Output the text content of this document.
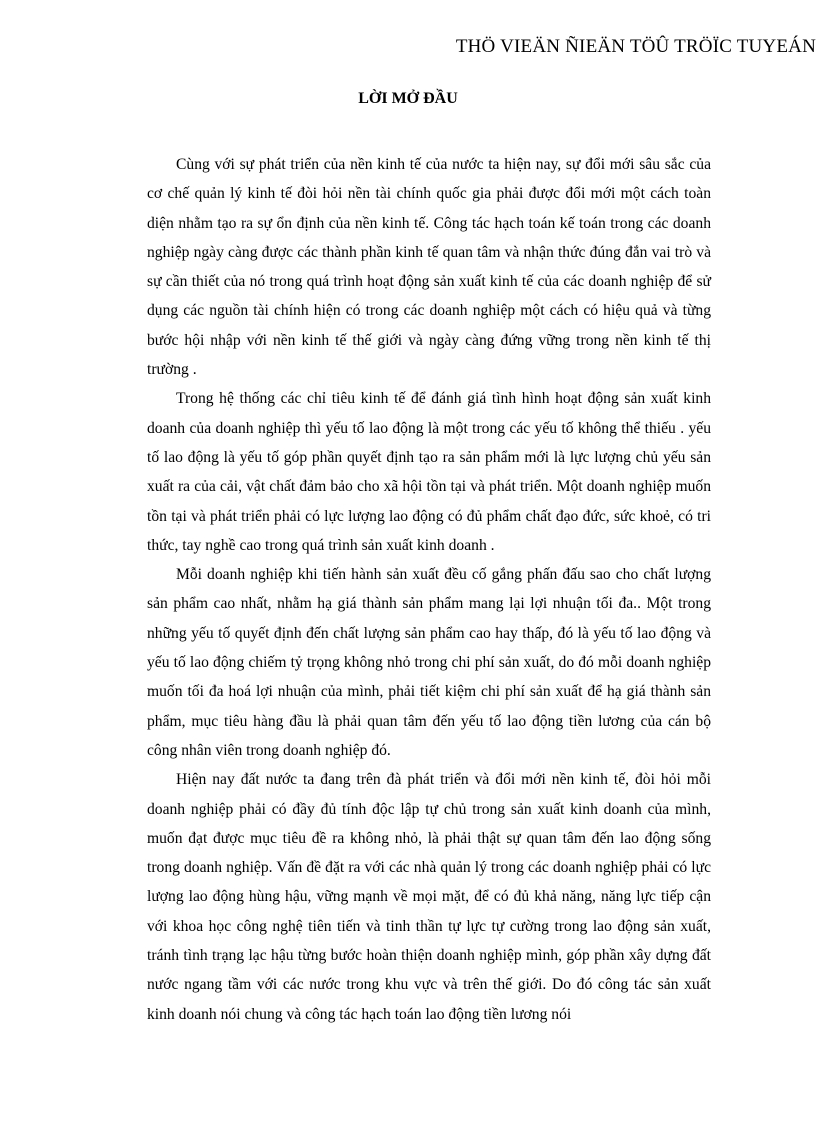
THÖ VIEÄN ÑIEÄN TÖÛ TRÖÏC TUYEÁN
LỜI MỞ ĐẦU

Cùng với sự phát triển của nền kinh tế của nước ta hiện nay, sự đổi mới sâu sắc của cơ chế quản lý kinh tế đòi hỏi nền tài chính quốc gia phải được đổi mới một cách toàn diện nhằm tạo ra sự ổn định của nền kinh tế. Công tác hạch toán kế toán trong các doanh nghiệp ngày càng được các thành phần kinh tế quan tâm và nhận thức đúng đắn vai trò và sự cần thiết của nó trong quá trình hoạt động sản xuất kinh tế của các doanh nghiệp để sử dụng các nguồn tài chính hiện có trong các doanh nghiệp một cách có hiệu quả và từng bước hội nhập với nền kinh tế thế giới và ngày càng đứng vững trong nền kinh tế thị trường .

Trong hệ thống các chỉ tiêu kinh tế để đánh giá tình hình hoạt động sản xuất kinh doanh của doanh nghiệp thì yếu tố lao động là một trong các yếu tố không thể thiếu . yếu tố lao động là yếu tố góp phần quyết định tạo ra sản phẩm mới là lực lượng chủ yếu sản xuất ra của cải, vật chất đảm bảo cho xã hội tồn tại và phát triển. Một doanh nghiệp muốn tồn tại và phát triển phải có lực lượng lao động có đủ phẩm chất đạo đức, sức khoẻ, có tri thức, tay nghề cao trong quá trình sản xuất kinh doanh .

Mỗi doanh nghiệp khi tiến hành sản xuất đều cố gắng phấn đấu sao cho chất lượng sản phẩm cao nhất, nhằm hạ giá thành sản phẩm mang lại lợi nhuận tối đa.. Một trong những yếu tố quyết định đến chất lượng sản phẩm cao hay thấp, đó là yếu tố lao động và yếu tố lao động chiếm tỷ trọng không nhỏ trong chi phí sản xuất, do đó mỗi doanh nghiệp muốn tối đa hoá lợi nhuận của mình, phải tiết kiệm chi phí sản xuất để hạ giá thành sản phẩm, mục tiêu hàng đầu là phải quan tâm đến yếu tố lao động tiền lương của cán bộ công nhân viên trong doanh nghiệp đó.

Hiện nay đất nước ta đang trên đà phát triển và đổi mới nền kinh tế, đòi hỏi mỗi doanh nghiệp phải có đầy đủ tính độc lập tự chủ trong sản xuất kinh doanh của mình, muốn đạt được mục tiêu đề ra không nhỏ, là phải thật sự quan tâm đến lao động sống trong doanh nghiệp. Vấn đề đặt ra với các nhà quản lý trong các doanh nghiệp phải có lực lượng lao động hùng hậu, vững mạnh về mọi mặt, để có đủ khả năng, năng lực tiếp cận với khoa học công nghệ tiên tiến và tinh thần tự lực tự cường trong lao động sản xuất, tránh tình trạng lạc hậu từng bước hoàn thiện doanh nghiệp mình, góp phần xây dựng đất nước ngang tầm với các nước trong khu vực và trên thế giới. Do đó công tác sản xuất kinh doanh nói chung và công tác hạch toán lao động tiền lương nói
